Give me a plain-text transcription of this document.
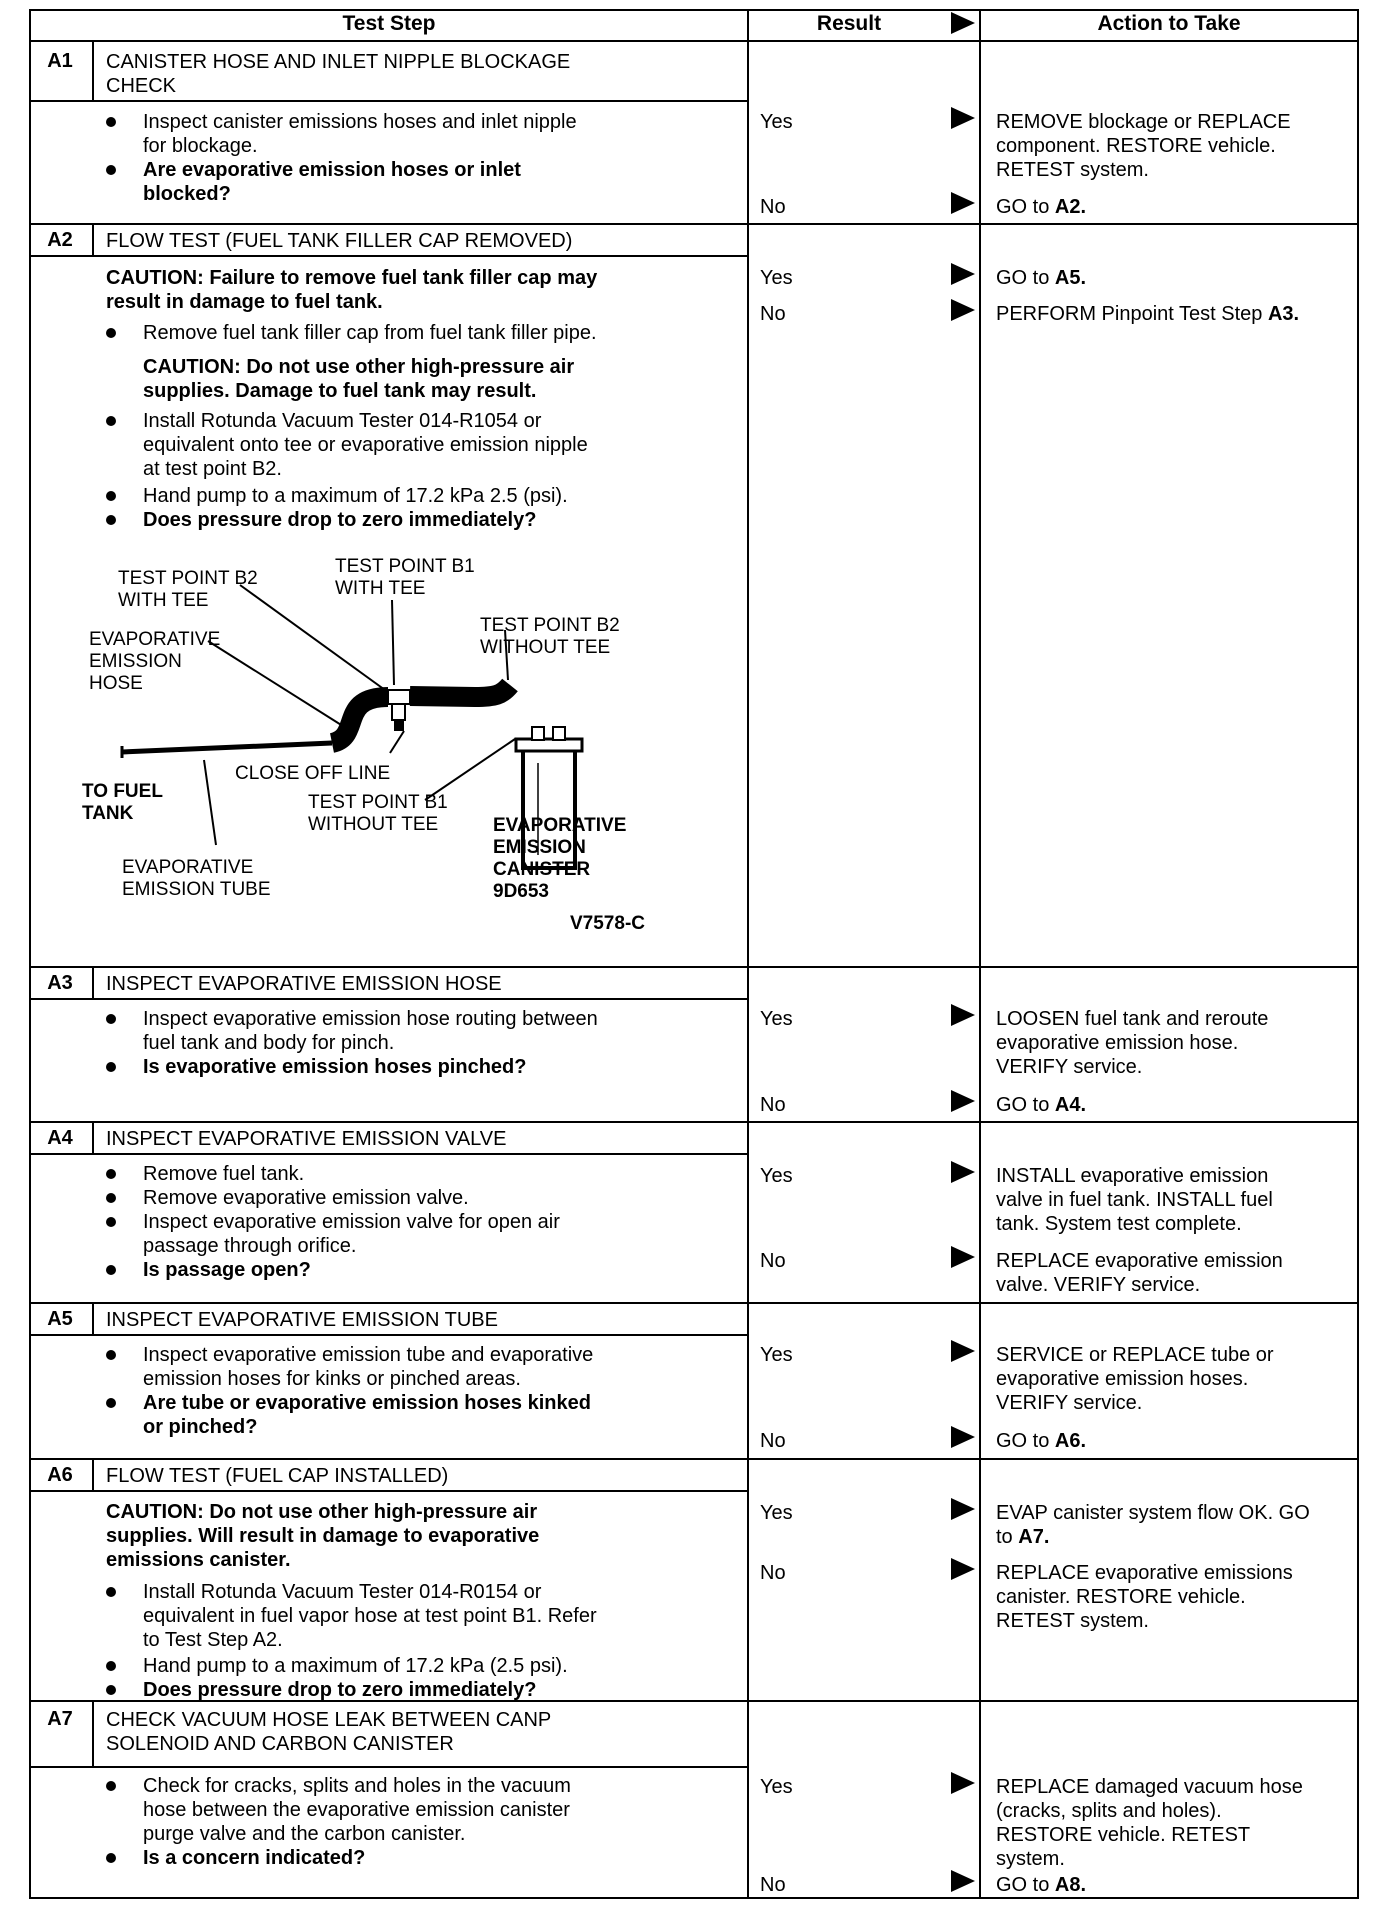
Test Step	Result	Action to Take
A1	CANISTER HOSE AND INLET NIPPLE BLOCKAGE
CHECK
Inspect canister emissions hoses and inlet nipple
for blockage.
Are evaporative emission hoses or inlet
blocked?
Yes	REMOVE blockage or REPLACE
component. RESTORE vehicle.
RETEST system.
No	GO to A2.
A2	FLOW TEST (FUEL TANK FILLER CAP REMOVED)
CAUTION: Failure to remove fuel tank filler cap may
result in damage to fuel tank.
Remove fuel tank filler cap from fuel tank filler pipe.
CAUTION: Do not use other high-pressure air
supplies. Damage to fuel tank may result.
Install Rotunda Vacuum Tester 014-R1054 or
equivalent onto tee or evaporative emission nipple
at test point B2.
Hand pump to a maximum of 17.2 kPa 2.5 (psi).
Does pressure drop to zero immediately?
Yes	GO to A5.
No	PERFORM Pinpoint Test Step A3.
TEST POINT B2
WITH TEE
TEST POINT B1
WITH TEE
TEST POINT B2
WITHOUT TEE
EVAPORATIVE
EMISSION
HOSE
CLOSE OFF LINE
TO FUEL
TANK
TEST POINT B1
WITHOUT TEE	EVAPORATIVE
EMISSION
CANISTER
9D653
EVAPORATIVE
EMISSION TUBE
V7578-C
A3	INSPECT EVAPORATIVE EMISSION HOSE
Inspect evaporative emission hose routing between
fuel tank and body for pinch.
Is evaporative emission hoses pinched?
Yes	LOOSEN fuel tank and reroute
evaporative emission hose.
VERIFY service.
No	GO to A4.
A4	INSPECT EVAPORATIVE EMISSION VALVE
Remove fuel tank.
Remove evaporative emission valve.
Inspect evaporative emission valve for open air
passage through orifice.
Is passage open?
Yes	INSTALL evaporative emission
valve in fuel tank. INSTALL fuel
tank. System test complete.
No	REPLACE evaporative emission
valve. VERIFY service.
A5	INSPECT EVAPORATIVE EMISSION TUBE
Inspect evaporative emission tube and evaporative
emission hoses for kinks or pinched areas.
Are tube or evaporative emission hoses kinked
or pinched?
Yes	SERVICE or REPLACE tube or
evaporative emission hoses.
VERIFY service.
No	GO to A6.
A6	FLOW TEST (FUEL CAP INSTALLED)
CAUTION: Do not use other high-pressure air
supplies. Will result in damage to evaporative
emissions canister.
Install Rotunda Vacuum Tester 014-R0154 or
equivalent in fuel vapor hose at test point B1. Refer
to Test Step A2.
Hand pump to a maximum of 17.2 kPa (2.5 psi).
Does pressure drop to zero immediately?
Yes	EVAP canister system flow OK. GO
to A7.
No	REPLACE evaporative emissions
canister. RESTORE vehicle.
RETEST system.
A7	CHECK VACUUM HOSE LEAK BETWEEN CANP
SOLENOID AND CARBON CANISTER
Check for cracks, splits and holes in the vacuum
hose between the evaporative emission canister
purge valve and the carbon canister.
Is a concern indicated?
Yes	REPLACE damaged vacuum hose
(cracks, splits and holes).
RESTORE vehicle. RETEST
system.
No	GO to A8.
